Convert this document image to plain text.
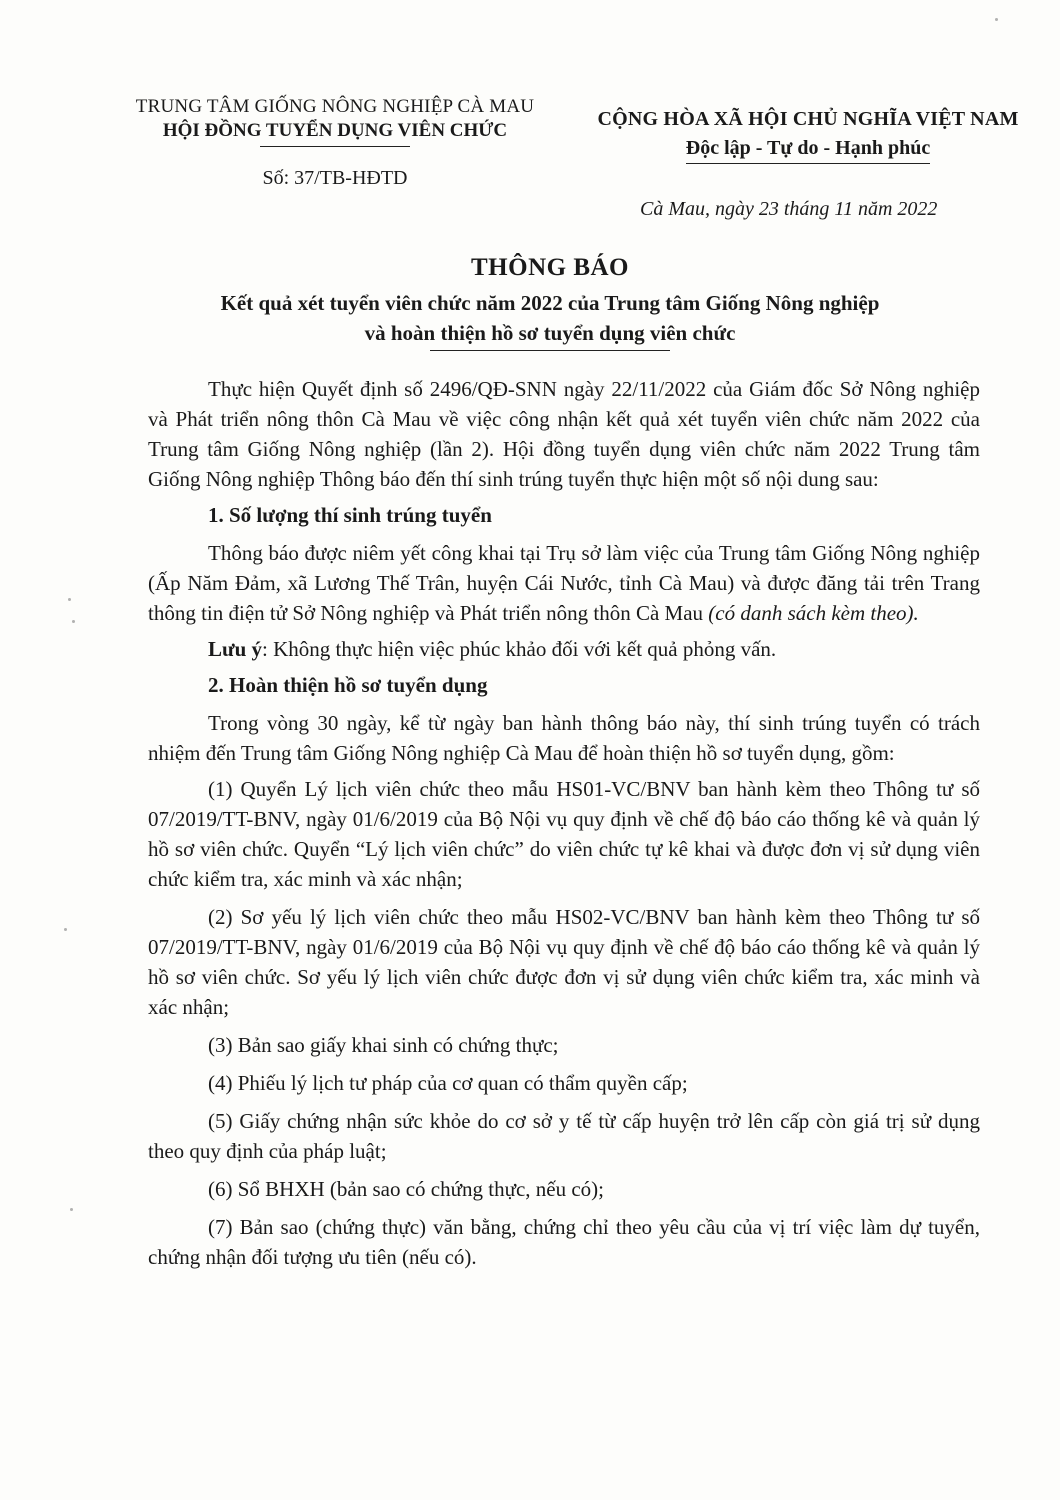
TRUNG TÂM GIỐNG NÔNG NGHIỆP CÀ MAU
HỘI ĐỒNG TUYỂN DỤNG VIÊN CHỨC
Số: 37/TB-HĐTD
CỘNG HÒA XÃ HỘI CHỦ NGHĨA VIỆT NAM
Độc lập - Tự do - Hạnh phúc
Cà Mau, ngày 23 tháng 11 năm 2022
THÔNG BÁO
Kết quả xét tuyển viên chức năm 2022 của Trung tâm Giống Nông nghiệp
và hoàn thiện hồ sơ tuyển dụng viên chức

Thực hiện Quyết định số 2496/QĐ-SNN ngày 22/11/2022 của Giám đốc Sở Nông nghiệp và Phát triển nông thôn Cà Mau về việc công nhận kết quả xét tuyển viên chức năm 2022 của Trung tâm Giống Nông nghiệp (lần 2). Hội đồng tuyển dụng viên chức năm 2022 Trung tâm Giống Nông nghiệp Thông báo đến thí sinh trúng tuyển thực hiện một số nội dung sau:

1. Số lượng thí sinh trúng tuyển

Thông báo được niêm yết công khai tại Trụ sở làm việc của Trung tâm Giống Nông nghiệp (Ấp Năm Đảm, xã Lương Thế Trân, huyện Cái Nước, tỉnh Cà Mau) và được đăng tải trên Trang thông tin điện tử Sở Nông nghiệp và Phát triển nông thôn Cà Mau (có danh sách kèm theo).

Lưu ý: Không thực hiện việc phúc khảo đối với kết quả phỏng vấn.

2. Hoàn thiện hồ sơ tuyển dụng

Trong vòng 30 ngày, kể từ ngày ban hành thông báo này, thí sinh trúng tuyển có trách nhiệm đến Trung tâm Giống Nông nghiệp Cà Mau để hoàn thiện hồ sơ tuyển dụng, gồm:

(1) Quyển Lý lịch viên chức theo mẫu HS01-VC/BNV ban hành kèm theo Thông tư số 07/2019/TT-BNV, ngày 01/6/2019 của Bộ Nội vụ quy định về chế độ báo cáo thống kê và quản lý hồ sơ viên chức. Quyển “Lý lịch viên chức” do viên chức tự kê khai và được đơn vị sử dụng viên chức kiểm tra, xác minh và xác nhận;

(2) Sơ yếu lý lịch viên chức theo mẫu HS02-VC/BNV ban hành kèm theo Thông tư số 07/2019/TT-BNV, ngày 01/6/2019 của Bộ Nội vụ quy định về chế độ báo cáo thống kê và quản lý hồ sơ viên chức. Sơ yếu lý lịch viên chức được đơn vị sử dụng viên chức kiểm tra, xác minh và xác nhận;

(3) Bản sao giấy khai sinh có chứng thực;

(4) Phiếu lý lịch tư pháp của cơ quan có thẩm quyền cấp;

(5) Giấy chứng nhận sức khỏe do cơ sở y tế từ cấp huyện trở lên cấp còn giá trị sử dụng theo quy định của pháp luật;

(6) Sổ BHXH (bản sao có chứng thực, nếu có);

(7) Bản sao (chứng thực) văn bằng, chứng chỉ theo yêu cầu của vị trí việc làm dự tuyển, chứng nhận đối tượng ưu tiên (nếu có).
